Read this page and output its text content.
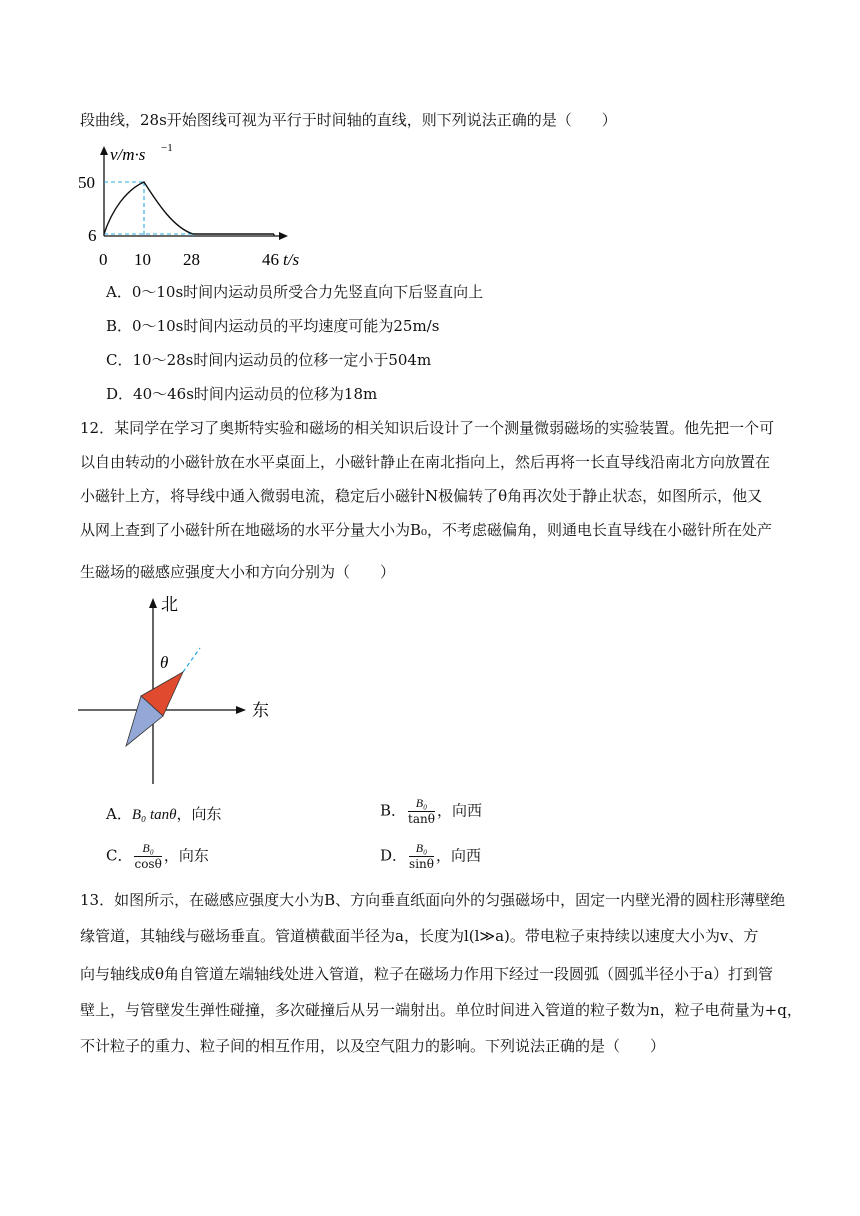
段曲线，28s开始图线可视为平行于时间轴的直线，则下列说法正确的是（　　）
v/m·s −1
50
6
0 10 28	46 t/s
A．0～10s时间内运动员所受合力先竖直向下后竖直向上
B．0～10s时间内运动员的平均速度可能为25m/s
C．10～28s时间内运动员的位移一定小于504m
D．40～46s时间内运动员的位移为18m
12．某同学在学习了奥斯特实验和磁场的相关知识后设计了一个测量微弱磁场的实验装置。他先把一个可
以自由转动的小磁针放在水平桌面上，小磁针静止在南北指向上，然后再将一长直导线沿南北方向放置在
小磁针上方，将导线中通入微弱电流，稳定后小磁针N极偏转了θ角再次处于静止状态，如图所示，他又
从网上查到了小磁针所在地磁场的水平分量大小为B₀，不考虑磁偏角，则通电长直导线在小磁针所在处产
生磁场的磁感应强度大小和方向分别为（　　）
北
东
θ
A．B₀ tanθ，向东	B． $\frac{\text{B₀}}{\tan\theta}$ ，向西
C． $\frac{\text{B₀}}{\cos\theta}$ ，向东	D． $\frac{\text{B₀}}{\sin\theta}$ ，向西
13．如图所示，在磁感应强度大小为B、方向垂直纸面向外的匀强磁场中，固定一内壁光滑的圆柱形薄壁绝
缘管道，其轴线与磁场垂直。管道横截面半径为a，长度为l(l≫a)。带电粒子束持续以速度大小为v、方
向与轴线成θ角自管道左端轴线处进入管道，粒子在磁场力作用下经过一段圆弧（圆弧半径小于a）打到管
壁上，与管壁发生弹性碰撞，多次碰撞后从另一端射出。单位时间进入管道的粒子数为n，粒子电荷量为+q，
不计粒子的重力、粒子间的相互作用，以及空气阻力的影响。下列说法正确的是（　　）
